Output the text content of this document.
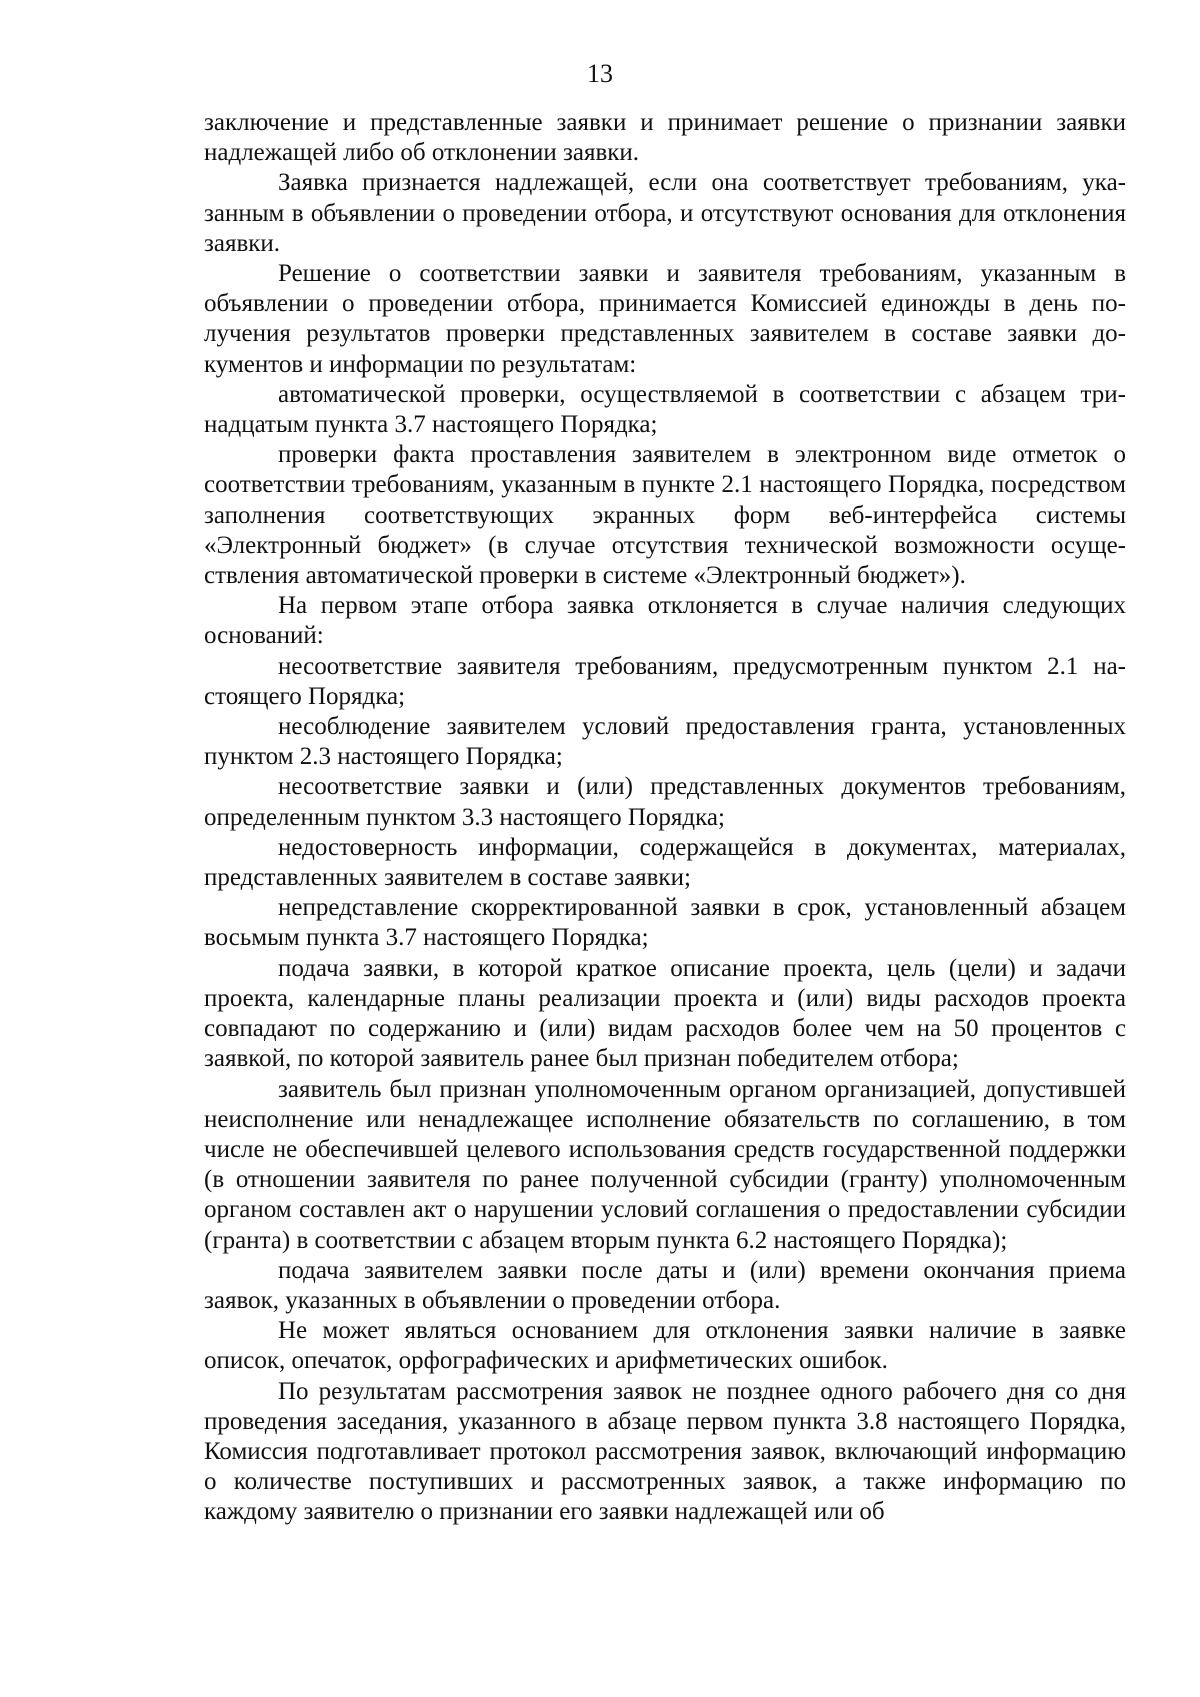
13

заключение и представленные заявки и принимает решение о признании заявки надлежащей либо об отклонении заявки.

Заявка признается надлежащей, если она соответствует требованиям, указанным в объявлении о проведении отбора, и отсутствуют основания для отклонения заявки.

Решение о соответствии заявки и заявителя требованиям, указанным в объявлении о проведении отбора, принимается Комиссией единожды в день получения результатов проверки представленных заявителем в составе заявки документов и информации по результатам:

автоматической проверки, осуществляемой в соответствии с абзацем тринадцатым пункта 3.7 настоящего Порядка;

проверки факта проставления заявителем в электронном виде отметок о соответствии требованиям, указанным в пункте 2.1 настоящего Порядка, посредством заполнения соответствующих экранных форм веб-интерфейса системы «Электронный бюджет» (в случае отсутствия технической возможности осуществления автоматической проверки в системе «Электронный бюджет»).

На первом этапе отбора заявка отклоняется в случае наличия следующих оснований:

несоответствие заявителя требованиям, предусмотренным пунктом 2.1 настоящего Порядка;

несоблюдение заявителем условий предоставления гранта, установленных пунктом 2.3 настоящего Порядка;

несоответствие заявки и (или) представленных документов требованиям, определенным пунктом 3.3 настоящего Порядка;

недостоверность информации, содержащейся в документах, материалах, представленных заявителем в составе заявки;

непредставление скорректированной заявки в срок, установленный абзацем восьмым пункта 3.7 настоящего Порядка;

подача заявки, в которой краткое описание проекта, цель (цели) и задачи проекта, календарные планы реализации проекта и (или) виды расходов проекта совпадают по содержанию и (или) видам расходов более чем на 50 процентов с заявкой, по которой заявитель ранее был признан победителем отбора;

заявитель был признан уполномоченным органом организацией, допустившей неисполнение или ненадлежащее исполнение обязательств по соглашению, в том числе не обеспечившей целевого использования средств государственной поддержки (в отношении заявителя по ранее полученной субсидии (гранту) уполномоченным органом составлен акт о нарушении условий соглашения о предоставлении субсидии (гранта) в соответствии с абзацем вторым пункта 6.2 настоящего Порядка);

подача заявителем заявки после даты и (или) времени окончания приема заявок, указанных в объявлении о проведении отбора.

Не может являться основанием для отклонения заявки наличие в заявке описок, опечаток, орфографических и арифметических ошибок.

По результатам рассмотрения заявок не позднее одного рабочего дня со дня проведения заседания, указанного в абзаце первом пункта 3.8 настоящего Порядка, Комиссия подготавливает протокол рассмотрения заявок, включающий информацию о количестве поступивших и рассмотренных заявок, а также информацию по каждому заявителю о признании его заявки надлежащей или об
